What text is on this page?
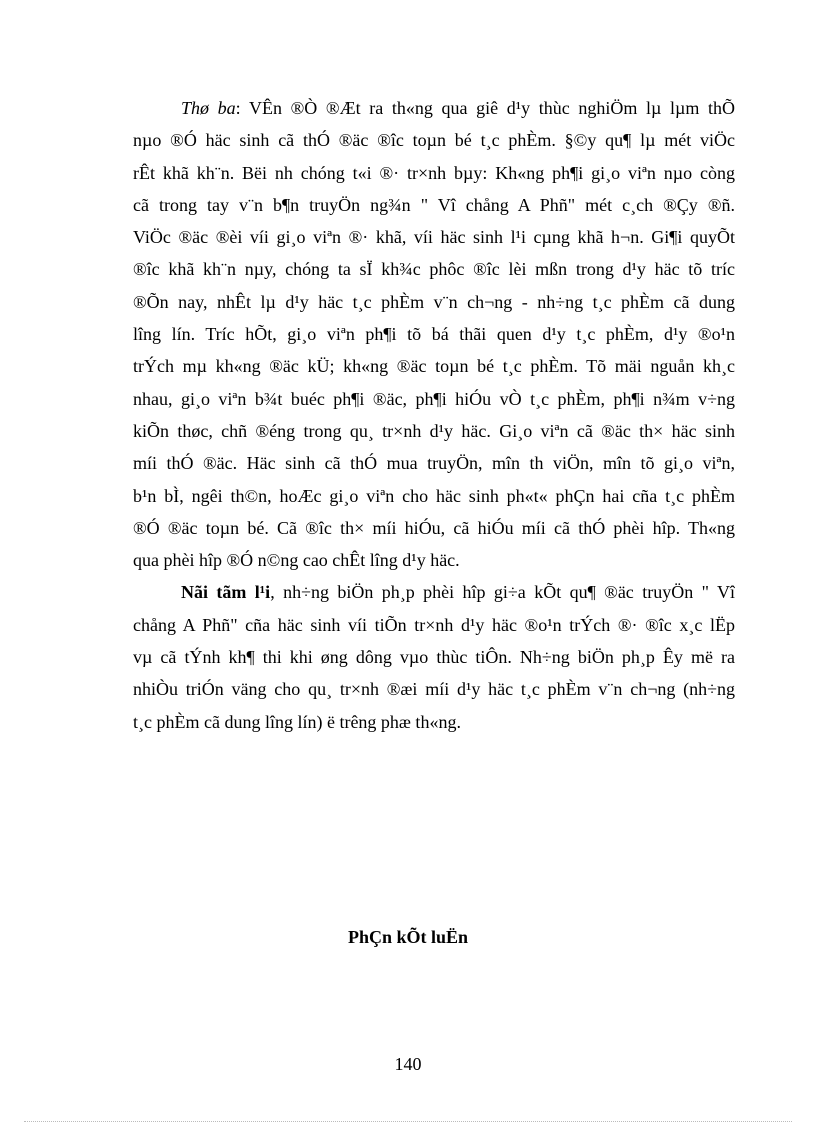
Thø ba: VÊn ®Ò ®Æt ra th«ng qua giê d¹y thùc nghiÖm lµ lµm thÕ
nµo ®Ó häc sinh cã thÓ ®äc ®îc toµn bé t¸c phÈm. §©y qu¶ lµ mét viÖc
rÊt khã kh¨n. Bëi nh chóng t«i ®· tr×nh bµy: Kh«ng ph¶i gi¸o viªn nµo còng
cã trong tay v¨n b¶n truyÖn ng¾n " Vî chång A Phñ" mét c¸ch ®Çy ®ñ.
ViÖc ®äc ®èi víi gi¸o viªn ®· khã, víi häc sinh l¹i cµng khã h¬n. Gi¶i quyÕt
®îc khã kh¨n nµy, chóng ta sÏ kh¾c phôc ®îc lèi mßn trong d¹y häc tõ tríc
®Õn nay, nhÊt lµ d¹y häc t¸c phÈm v¨n ch¬ng - nh÷ng t¸c phÈm cã dung
lîng lín. Tríc hÕt, gi¸o viªn ph¶i tõ bá thãi quen d¹y t¸c phÈm, d¹y ®o¹n
trÝch mµ kh«ng ®äc kÜ; kh«ng ®äc toµn bé t¸c phÈm. Tõ mäi nguån kh¸c
nhau, gi¸o viªn b¾t buéc ph¶i ®äc, ph¶i hiÓu vÒ t¸c phÈm, ph¶i n¾m v÷ng
kiÕn thøc, chñ ®éng trong qu¸ tr×nh d¹y häc. Gi¸o viªn cã ®äc th× häc sinh
míi thÓ ®äc. Häc sinh cã thÓ mua truyÖn, mîn th viÖn, mîn tõ gi¸o viªn,
b¹n bÌ, ngêi th©n, hoÆc gi¸o viªn cho häc sinh ph«t« phÇn hai cña t¸c phÈm
®Ó ®äc toµn bé. Cã ®îc th× míi hiÓu, cã hiÓu míi cã thÓ phèi hîp. Th«ng
qua phèi hîp ®Ó n©ng cao chÊt lîng d¹y häc.
Nãi tãm l¹i, nh÷ng biÖn ph¸p phèi hîp gi÷a kÕt qu¶ ®äc truyÖn " Vî
chång A Phñ" cña häc sinh víi tiÕn tr×nh d¹y häc ®o¹n trÝch ®· ®îc x¸c lËp
vµ cã tÝnh kh¶ thi khi øng dông vµo thùc tiÔn. Nh÷ng biÖn ph¸p Êy më ra
nhiÒu triÓn väng cho qu¸ tr×nh ®æi míi d¹y häc t¸c phÈm v¨n ch¬ng (nh÷ng
t¸c phÈm cã dung lîng lín) ë trêng phæ th«ng.
PhÇn kÕt luËn
140
